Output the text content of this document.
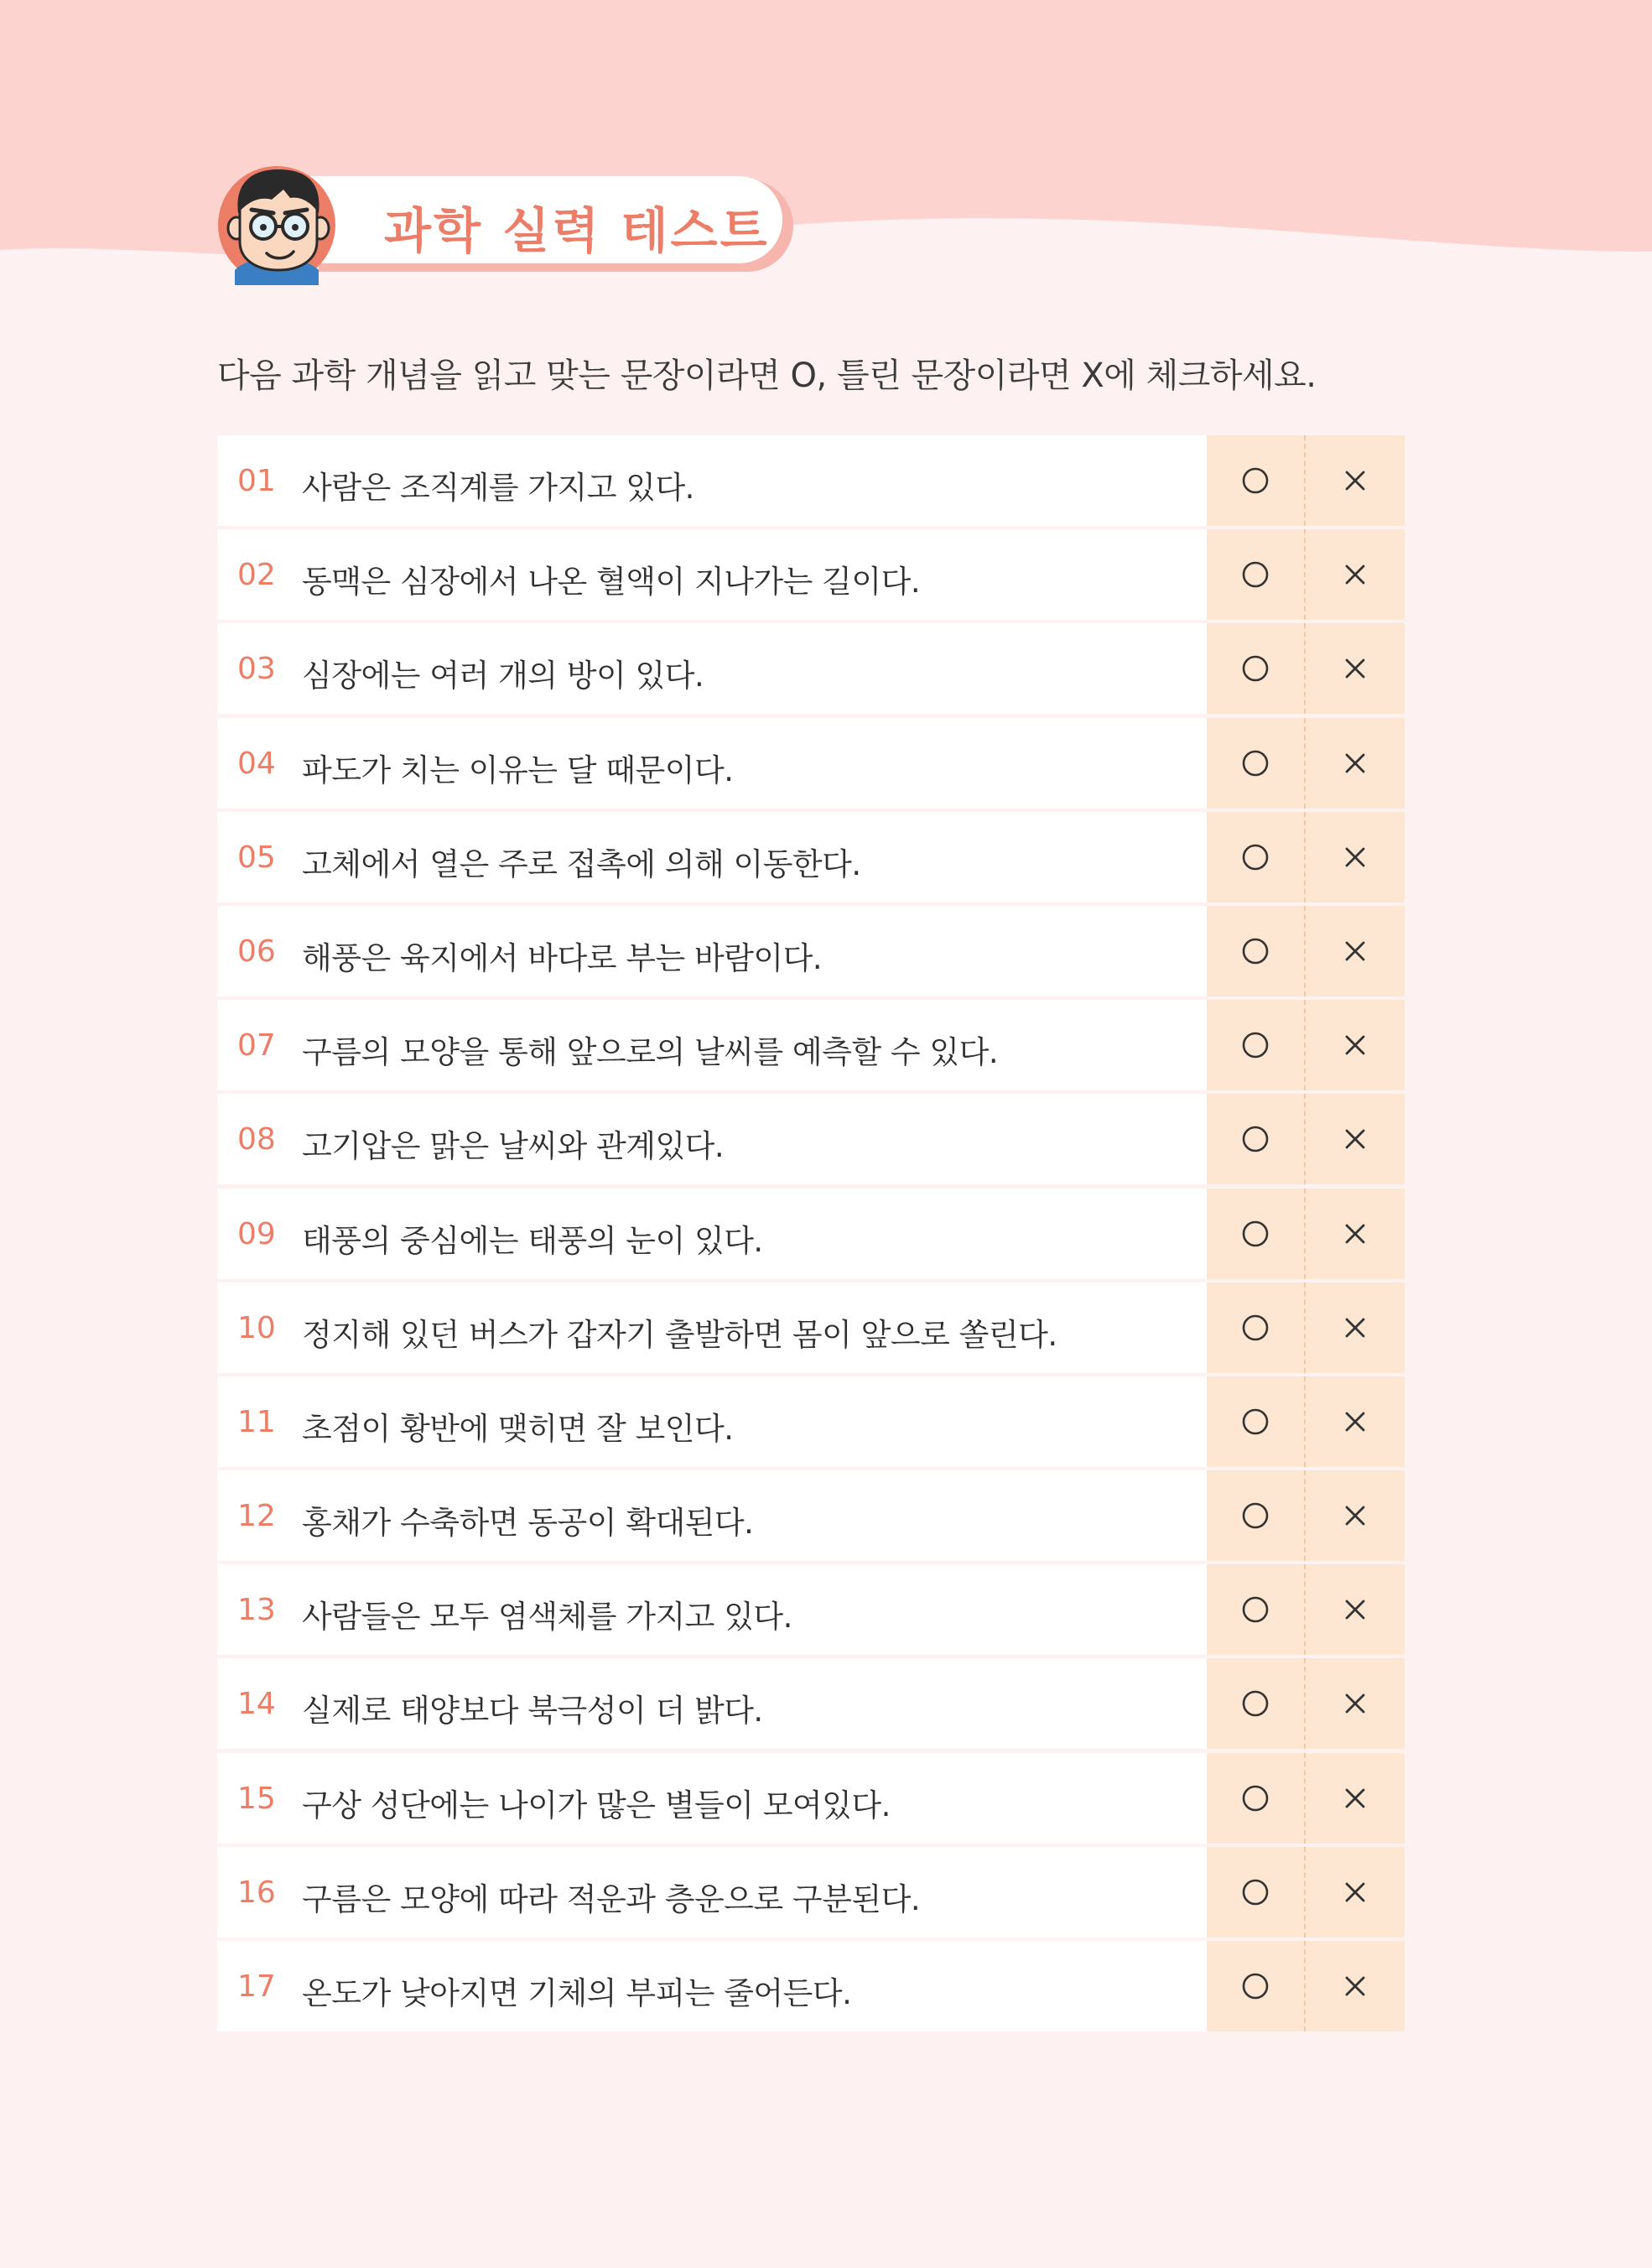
과학 실력 테스트
다음 과학 개념을 읽고 맞는 문장이라면 O, 틀린 문장이라면 X에 체크하세요.
01 사람은 조직계를 가지고 있다.
02 동맥은 심장에서 나온 혈액이 지나가는 길이다.
03 심장에는 여러 개의 방이 있다.
04 파도가 치는 이유는 달 때문이다.
05 고체에서 열은 주로 접촉에 의해 이동한다.
06 해풍은 육지에서 바다로 부는 바람이다.
07 구름의 모양을 통해 앞으로의 날씨를 예측할 수 있다.
08 고기압은 맑은 날씨와 관계있다.
09 태풍의 중심에는 태풍의 눈이 있다.
10 정지해 있던 버스가 갑자기 출발하면 몸이 앞으로 쏠린다.
11 초점이 황반에 맺히면 잘 보인다.
12 홍채가 수축하면 동공이 확대된다.
13 사람들은 모두 염색체를 가지고 있다.
14 실제로 태양보다 북극성이 더 밝다.
15 구상 성단에는 나이가 많은 별들이 모여있다.
16 구름은 모양에 따라 적운과 층운으로 구분된다.
17 온도가 낮아지면 기체의 부피는 줄어든다.
